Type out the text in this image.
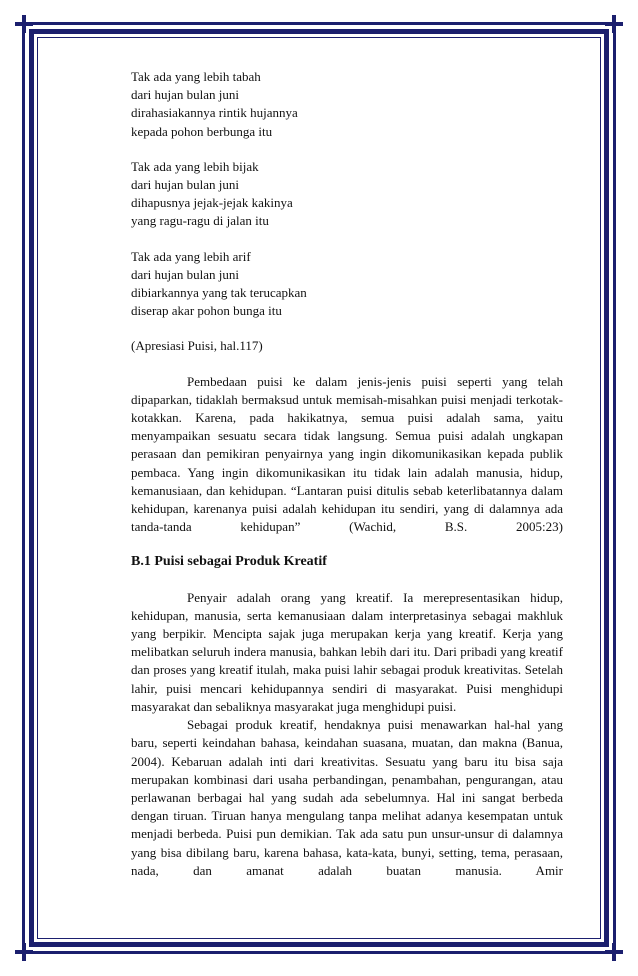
Tak ada yang lebih tabah
dari hujan bulan juni
dirahasiakannya rintik hujannya
kepada pohon berbunga itu
Tak ada yang lebih bijak
dari hujan bulan juni
dihapusnya jejak-jejak kakinya
yang ragu-ragu di jalan itu
Tak ada yang lebih arif
dari hujan bulan juni
dibiarkannya yang tak terucapkan
diserap akar pohon bunga itu

(Apresiasi Puisi, hal.117)

Pembedaan puisi ke dalam jenis-jenis puisi seperti yang telah dipaparkan, tidaklah bermaksud untuk memisah-misahkan puisi menjadi terkotak-kotakkan. Karena, pada hakikatnya, semua puisi adalah sama, yaitu menyampaikan sesuatu secara tidak langsung. Semua puisi adalah ungkapan perasaan dan pemikiran penyairnya yang ingin dikomunikasikan kepada publik pembaca. Yang ingin dikomunikasikan itu tidak lain adalah manusia, hidup, kemanusiaan, dan kehidupan. “Lantaran puisi ditulis sebab keterlibatannya dalam kehidupan, karenanya puisi adalah kehidupan itu sendiri, yang di dalamnya ada tanda-tanda kehidupan” (Wachid, B.S. 2005:23)

B.1 Puisi sebagai Produk Kreatif

Penyair adalah orang yang kreatif. Ia merepresentasikan hidup, kehidupan, manusia, serta kemanusiaan dalam interpretasinya sebagai makhluk yang berpikir. Mencipta sajak juga merupakan kerja yang kreatif. Kerja yang melibatkan seluruh indera manusia, bahkan lebih dari itu. Dari pribadi yang kreatif dan proses yang kreatif itulah, maka puisi lahir sebagai produk kreativitas. Setelah lahir, puisi mencari kehidupannya sendiri di masyarakat. Puisi menghidupi masyarakat dan sebaliknya masyarakat juga menghidupi puisi.

Sebagai produk kreatif, hendaknya puisi menawarkan hal-hal yang baru, seperti keindahan bahasa, keindahan suasana, muatan, dan makna (Banua, 2004). Kebaruan adalah inti dari kreativitas. Sesuatu yang baru itu bisa saja merupakan kombinasi dari usaha perbandingan, penambahan, pengurangan, atau perlawanan berbagai hal yang sudah ada sebelumnya. Hal ini sangat berbeda dengan tiruan. Tiruan hanya mengulang tanpa melihat adanya kesempatan untuk menjadi berbeda. Puisi pun demikian. Tak ada satu pun unsur-unsur di dalamnya yang bisa dibilang baru, karena bahasa, kata-kata, bunyi, setting, tema, perasaan, nada, dan amanat adalah buatan manusia. Amir
